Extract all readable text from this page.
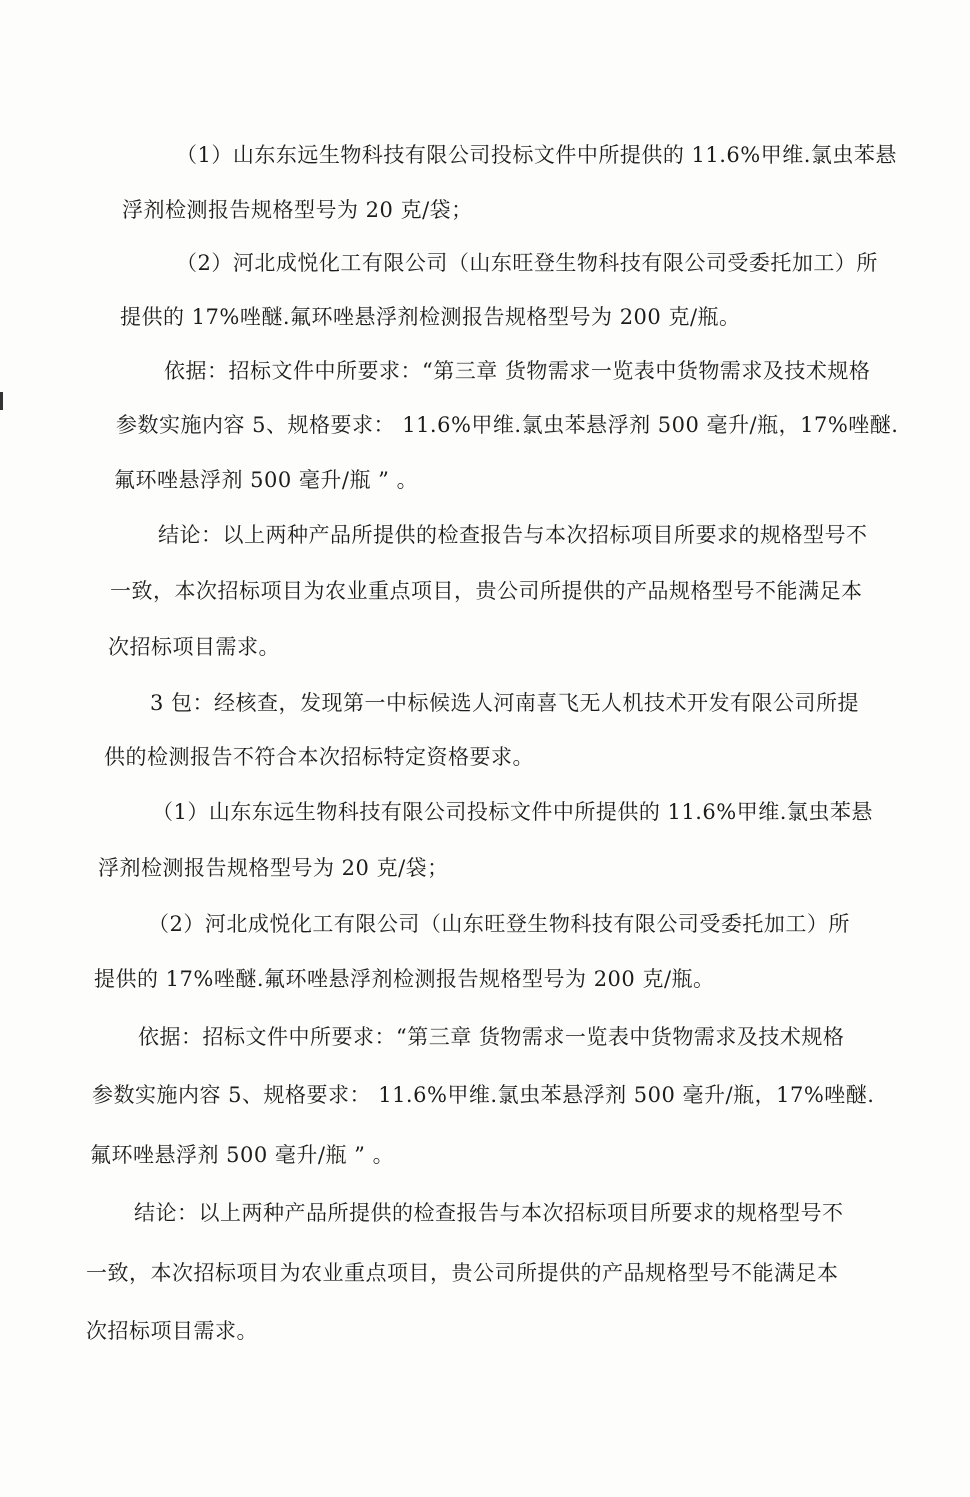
（1）山东东远生物科技有限公司投标文件中所提供的 11.6%甲维.氯虫苯悬
浮剂检测报告规格型号为 20 克/袋；
（2）河北成悦化工有限公司（山东旺登生物科技有限公司受委托加工）所
提供的 17%唑醚.氟环唑悬浮剂检测报告规格型号为 200 克/瓶。
依据：招标文件中所要求：“第三章 货物需求一览表中货物需求及技术规格
参数实施内容 5、规格要求： 11.6%甲维.氯虫苯悬浮剂 500 毫升/瓶，17%唑醚.
氟环唑悬浮剂 500 毫升/瓶 ” 。
结论：以上两种产品所提供的检查报告与本次招标项目所要求的规格型号不
一致，本次招标项目为农业重点项目，贵公司所提供的产品规格型号不能满足本
次招标项目需求。
3 包：经核查，发现第一中标候选人河南喜飞无人机技术开发有限公司所提
供的检测报告不符合本次招标特定资格要求。
（1）山东东远生物科技有限公司投标文件中所提供的 11.6%甲维.氯虫苯悬
浮剂检测报告规格型号为 20 克/袋；
（2）河北成悦化工有限公司（山东旺登生物科技有限公司受委托加工）所
提供的 17%唑醚.氟环唑悬浮剂检测报告规格型号为 200 克/瓶。
依据：招标文件中所要求：“第三章 货物需求一览表中货物需求及技术规格
参数实施内容 5、规格要求： 11.6%甲维.氯虫苯悬浮剂 500 毫升/瓶，17%唑醚.
氟环唑悬浮剂 500 毫升/瓶 ” 。
结论：以上两种产品所提供的检查报告与本次招标项目所要求的规格型号不
一致，本次招标项目为农业重点项目，贵公司所提供的产品规格型号不能满足本
次招标项目需求。
